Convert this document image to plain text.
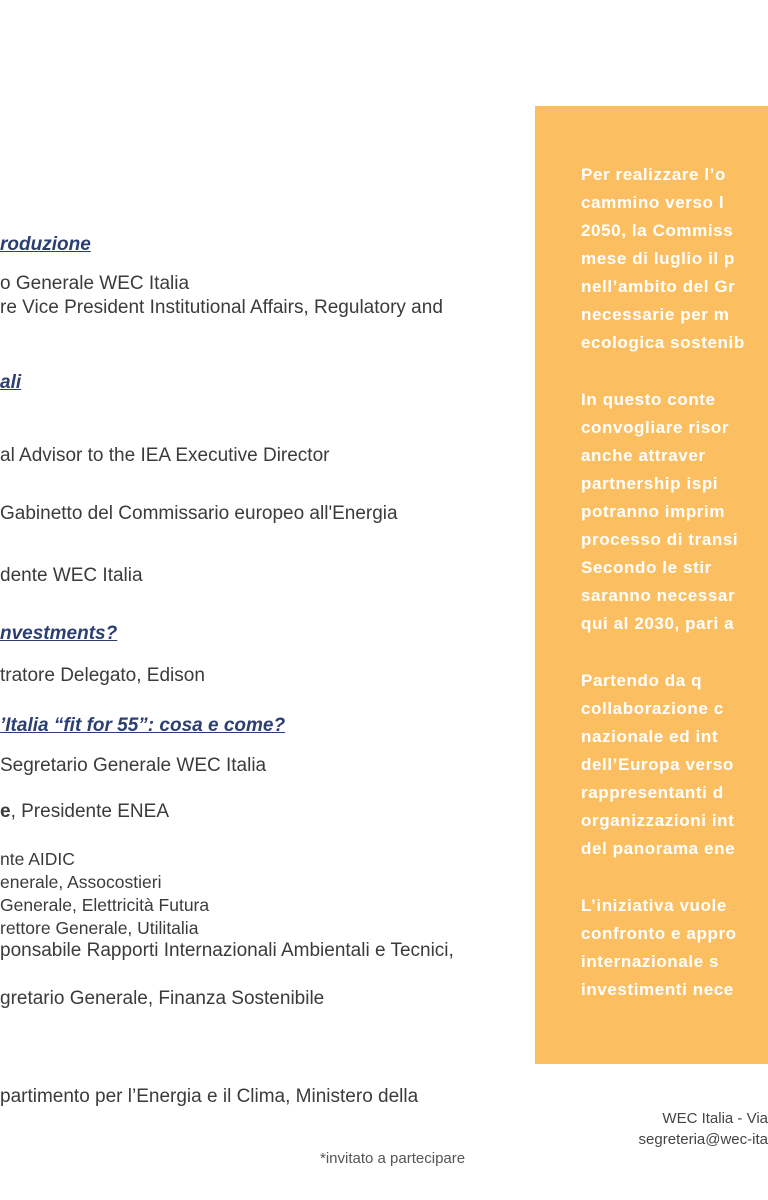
roduzione
o Generale WEC Italia
re Vice President Institutional Affairs, Regulatory and
ali
al Advisor to the IEA Executive Director
Gabinetto del Commissario europeo all'Energia
dente WEC Italia
nvestments?
tratore Delegato, Edison
’Italia “fit for 55”: cosa e come?
Segretario Generale WEC Italia
e, Presidente ENEA
nte AIDIC
enerale, Assocostieri
Generale, Elettricità Futura
rettore Generale, Utilitalia
ponsabile Rapporti Internazionali Ambientali e Tecnici,
gretario Generale, Finanza Sostenibile
partimento per l’Energia e il Clima, Ministero della
*invitato a partecipare
Per realizzare l’o
cammino verso l
2050, la Commiss
mese di luglio il p
nell’ambito del Gr
necessarie per m
ecologica sostenib
In questo conte
convogliare risor
anche attraver
partnership ispi
potranno imprim
processo di transi
Secondo le stir
saranno necessar
qui al 2030, pari a
Partendo da q
collaborazione c
nazionale ed int
dell’Europa verso
rappresentanti d
organizzazioni int
del panorama ene
L’iniziativa vuole
confronto e appro
internazionale s
investimenti nece
WEC Italia - Via
segreteria@wec-ita
